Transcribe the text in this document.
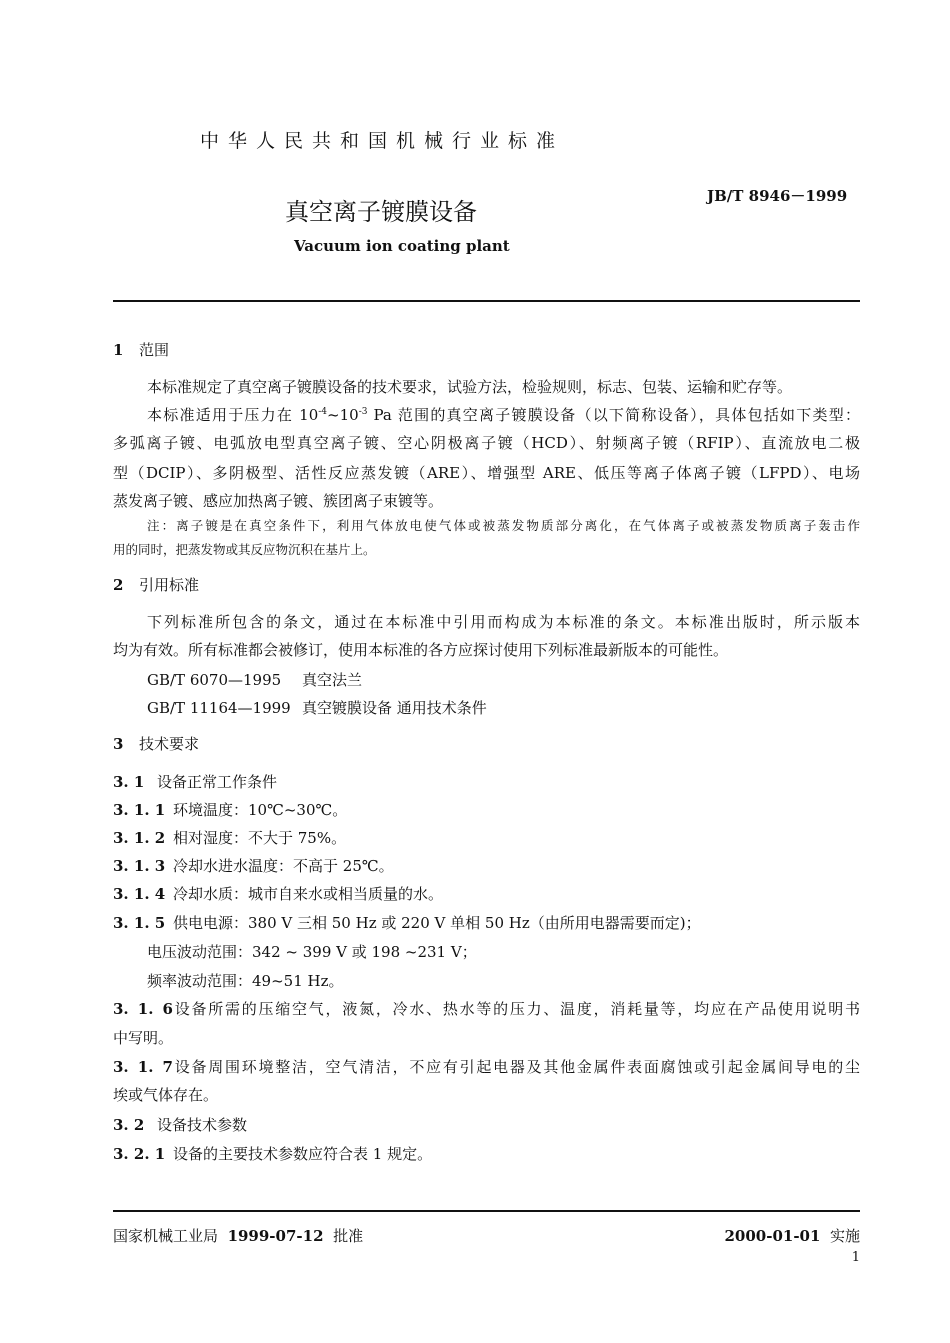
中华人民共和国机械行业标准
真空离子镀膜设备
JB/T 8946－1999
Vacuum ion coating plant
1 范围
本标准规定了真空离子镀膜设备的技术要求，试验方法，检验规则，标志、包装、运输和贮存等。
本标准适用于压力在 $10^{-4}\sim 10^{-3}$ Pa 范围的真空离子镀膜设备（以下简称设备），具体包括如下类型：
多弧离子镀、电弧放电型真空离子镀、空心阴极离子镀（HCD）、射频离子镀（RFIP）、直流放电二极
型（DCIP）、多阴极型、活性反应蒸发镀（ARE）、增强型 ARE、低压等离子体离子镀（LFPD）、电场
蒸发离子镀、感应加热离子镀、簇团离子束镀等。
注：离子镀是在真空条件下，利用气体放电使气体或被蒸发物质部分离化，在气体离子或被蒸发物质离子轰击作
用的同时，把蒸发物或其反应物沉积在基片上。
2 引用标准
下列标准所包含的条文，通过在本标准中引用而构成为本标准的条文。本标准出版时，所示版本
均为有效。所有标准都会被修订，使用本标准的各方应探讨使用下列标准最新版本的可能性。
GB/T 6070—1995 真空法兰
GB/T 11164—1999 真空镀膜设备 通用技术条件
3 技术要求
3. 1 设备正常工作条件
3. 1. 1 环境温度：10℃~30℃。
3. 1. 2 相对湿度：不大于 75%。
3. 1. 3 冷却水进水温度：不高于 25℃。
3. 1. 4 冷却水质：城市自来水或相当质量的水。
3. 1. 5 供电电源：380 V 三相 50 Hz 或 220 V 单相 50 Hz（由所用电器需要而定)；
电压波动范围：342 ~ 399 V 或 198 ~231 V；
频率波动范围：49~51 Hz。
3. 1. 6设备所需的压缩空气，液氮，冷水、热水等的压力、温度，消耗量等，均应在产品使用说明书
中写明。
3. 1. 7设备周围环境整洁，空气清洁，不应有引起电器及其他金属件表面腐蚀或引起金属间导电的尘
埃或气体存在。
3. 2 设备技术参数
3. 2. 1 设备的主要技术参数应符合表 1 规定。
国家机械工业局 1999-07-12 批准	2000-01-01 实施
1
